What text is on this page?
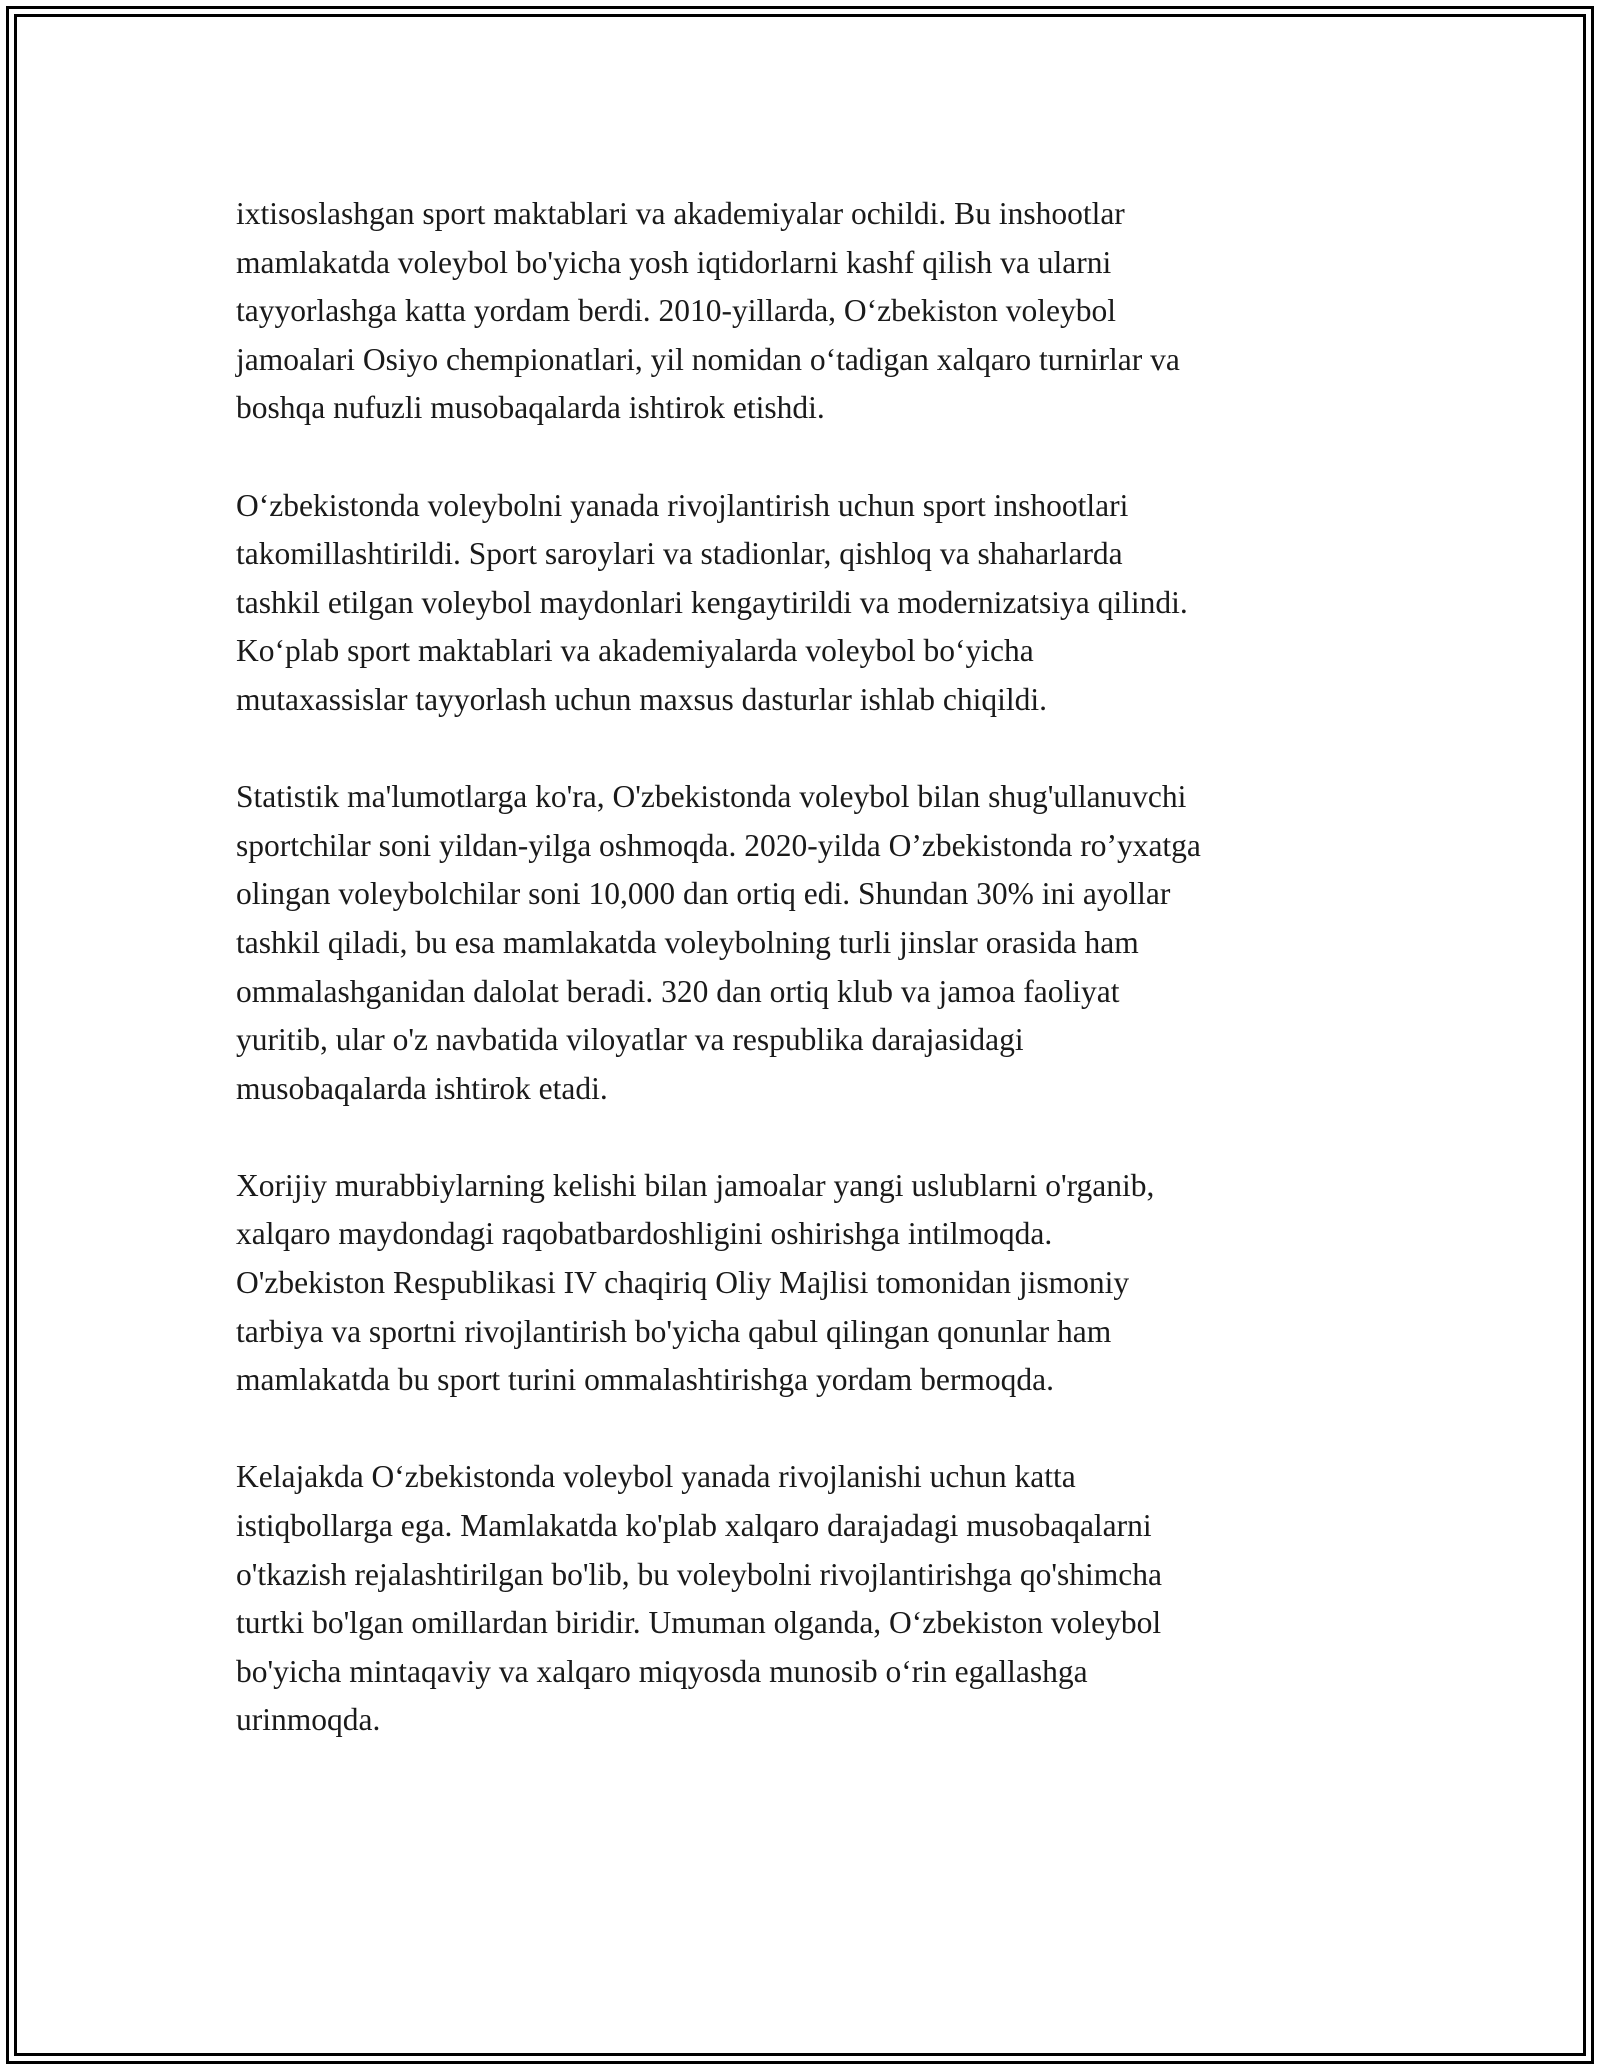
ixtisoslashgan sport maktablari va akademiyalar ochildi. Bu inshootlar
mamlakatda voleybol bo'yicha yosh iqtidorlarni kashf qilish va ularni
tayyorlashga katta yordam berdi. 2010-yillarda, O‘zbekiston voleybol
jamoalari Osiyo chempionatlari, yil nomidan o‘tadigan xalqaro turnirlar va
boshqa nufuzli musobaqalarda ishtirok etishdi.

O‘zbekistonda voleybolni yanada rivojlantirish uchun sport inshootlari
takomillashtirildi. Sport saroylari va stadionlar, qishloq va shaharlarda
tashkil etilgan voleybol maydonlari kengaytirildi va modernizatsiya qilindi.
Ko‘plab sport maktablari va akademiyalarda voleybol bo‘yicha
mutaxassislar tayyorlash uchun maxsus dasturlar ishlab chiqildi.

Statistik ma'lumotlarga ko'ra, O'zbekistonda voleybol bilan shug'ullanuvchi
sportchilar soni yildan-yilga oshmoqda. 2020-yilda O’zbekistonda ro’yxatga
olingan voleybolchilar soni 10,000 dan ortiq edi. Shundan 30% ini ayollar
tashkil qiladi, bu esa mamlakatda voleybolning turli jinslar orasida ham
ommalashganidan dalolat beradi. 320 dan ortiq klub va jamoa faoliyat
yuritib, ular o'z navbatida viloyatlar va respublika darajasidagi
musobaqalarda ishtirok etadi.

Xorijiy murabbiylarning kelishi bilan jamoalar yangi uslublarni o'rganib,
xalqaro maydondagi raqobatbardoshligini oshirishga intilmoqda.
O'zbekiston Respublikasi IV chaqiriq Oliy Majlisi tomonidan jismoniy
tarbiya va sportni rivojlantirish bo'yicha qabul qilingan qonunlar ham
mamlakatda bu sport turini ommalashtirishga yordam bermoqda.

Kelajakda O‘zbekistonda voleybol yanada rivojlanishi uchun katta
istiqbollarga ega. Mamlakatda ko'plab xalqaro darajadagi musobaqalarni
o'tkazish rejalashtirilgan bo'lib, bu voleybolni rivojlantirishga qo'shimcha
turtki bo'lgan omillardan biridir. Umuman olganda, O‘zbekiston voleybol
bo'yicha mintaqaviy va xalqaro miqyosda munosib o‘rin egallashga
urinmoqda.
